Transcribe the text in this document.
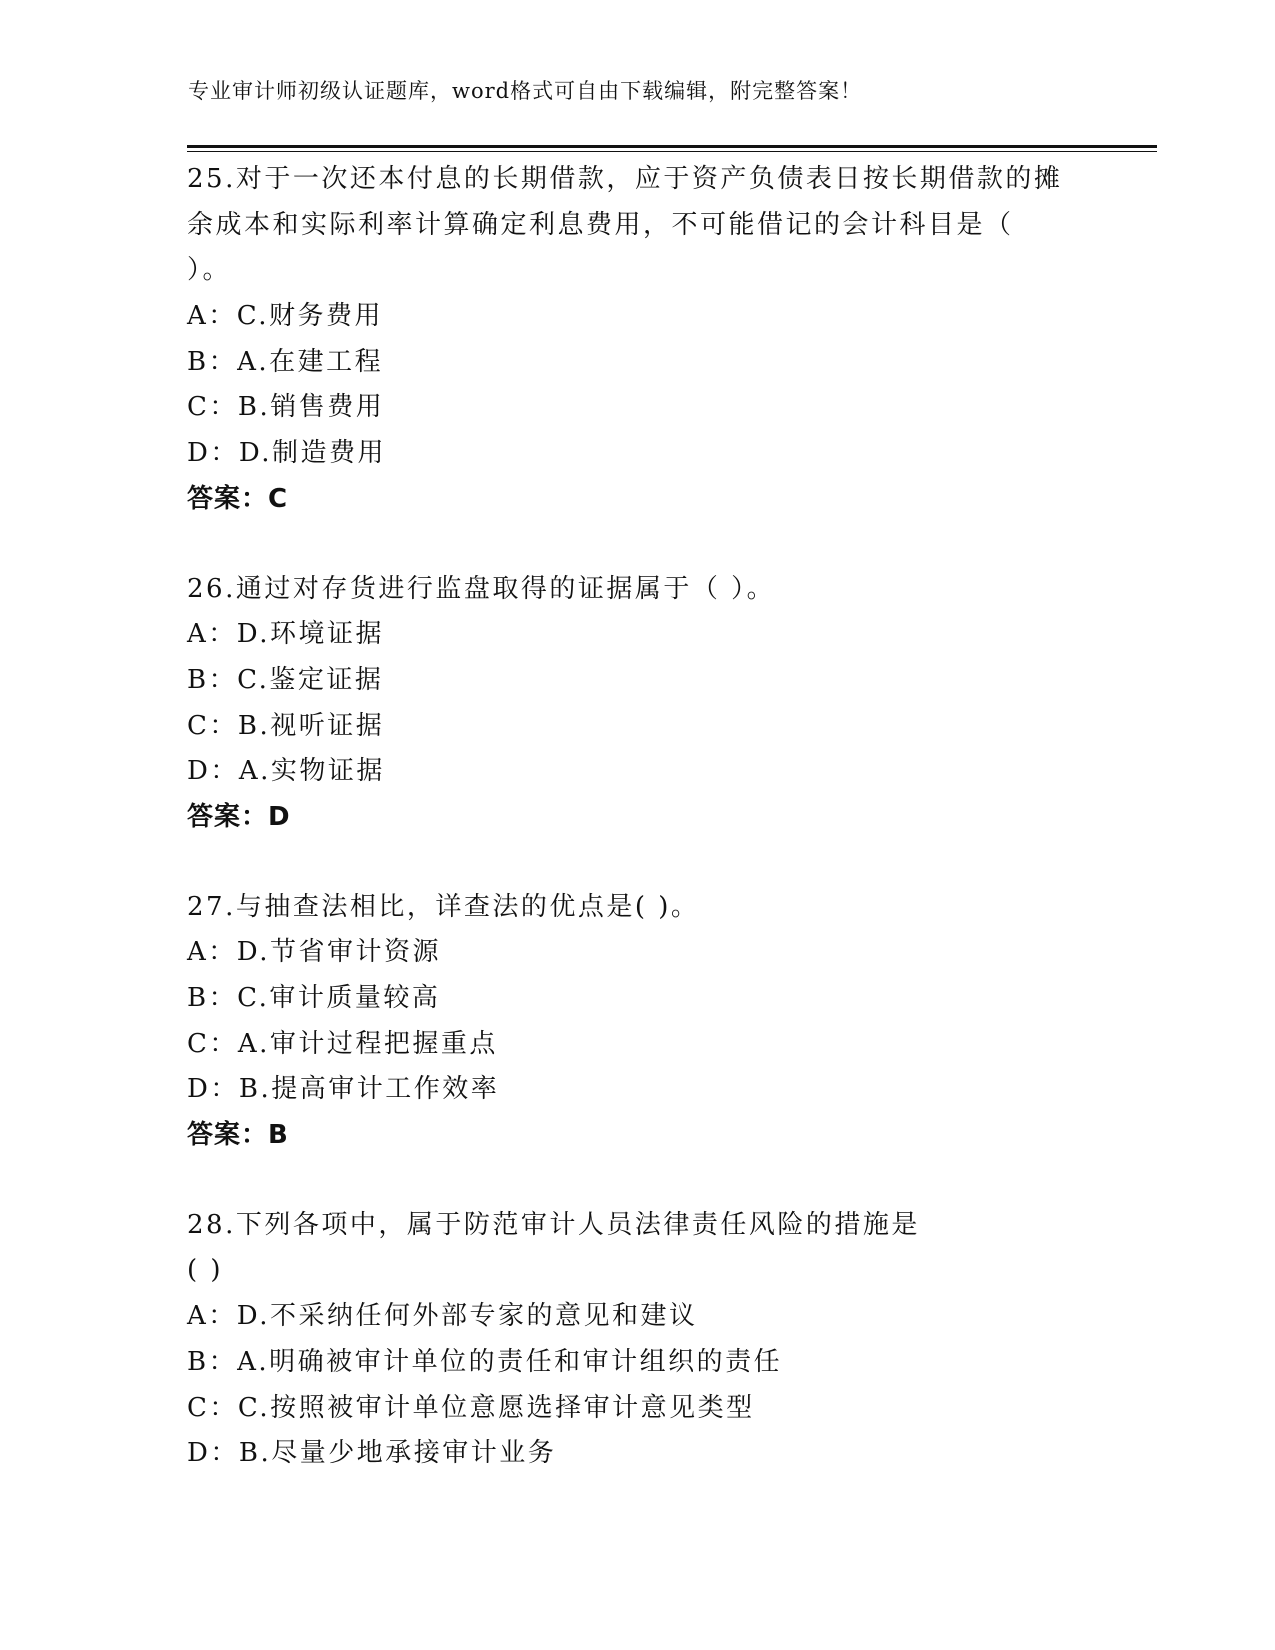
专业审计师初级认证题库，word格式可自由下载编辑，附完整答案！
25.对于一次还本付息的长期借款，应于资产负债表日按长期借款的摊
余成本和实际利率计算确定利息费用，不可能借记的会计科目是（
）。
A：C.财务费用
B：A.在建工程
C：B.销售费用
D：D.制造费用
答案：C
26.通过对存货进行监盘取得的证据属于（ ）。
A：D.环境证据
B：C.鉴定证据
C：B.视听证据
D：A.实物证据
答案：D
27.与抽查法相比，详查法的优点是( )。
A：D.节省审计资源
B：C.审计质量较高
C：A.审计过程把握重点
D：B.提高审计工作效率
答案：B
28.下列各项中，属于防范审计人员法律责任风险的措施是
( )
A：D.不采纳任何外部专家的意见和建议
B：A.明确被审计单位的责任和审计组织的责任
C：C.按照被审计单位意愿选择审计意见类型
D：B.尽量少地承接审计业务
